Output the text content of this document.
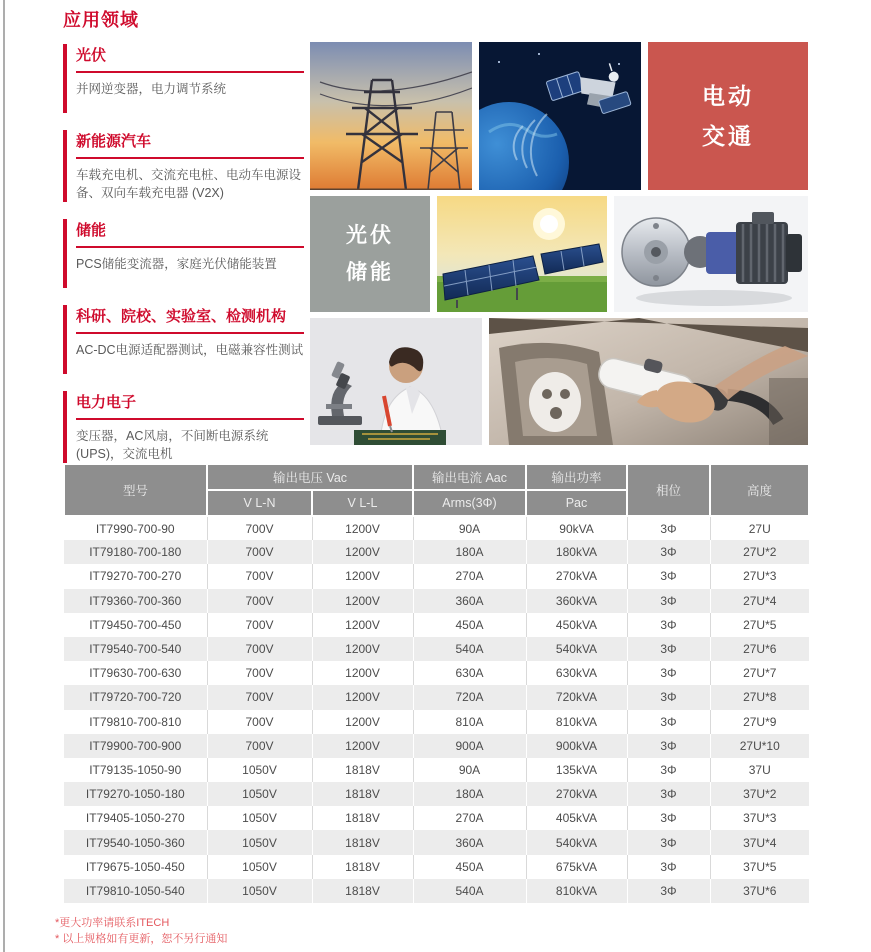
应用领域
光伏
并网逆变器，电力调节系统
新能源汽车
车载充电机、交流充电桩、电动车电源设备、双向车载充电器 (V2X)
储能
PCS储能变流器，家庭光伏储能装置
科研、院校、实验室、检测机构
AC-DC电源适配器测试，电磁兼容性测试
电力电子
变压器，AC风扇，不间断电源系统 (UPS)，交流电机
电动
交通
光伏
储能
型号	输出电压 Vac		输出电流 Aac	输出功率	相位	高度
	V L-N	V L-L	Arms(3Φ)	Pac		
IT7990-700-90	700V	1200V	90A	90kVA	3Φ	27U
IT79180-700-180	700V	1200V	180A	180kVA	3Φ	27U*2
IT79270-700-270	700V	1200V	270A	270kVA	3Φ	27U*3
IT79360-700-360	700V	1200V	360A	360kVA	3Φ	27U*4
IT79450-700-450	700V	1200V	450A	450kVA	3Φ	27U*5
IT79540-700-540	700V	1200V	540A	540kVA	3Φ	27U*6
IT79630-700-630	700V	1200V	630A	630kVA	3Φ	27U*7
IT79720-700-720	700V	1200V	720A	720kVA	3Φ	27U*8
IT79810-700-810	700V	1200V	810A	810kVA	3Φ	27U*9
IT79900-700-900	700V	1200V	900A	900kVA	3Φ	27U*10
IT79135-1050-90	1050V	1818V	90A	135kVA	3Φ	37U
IT79270-1050-180	1050V	1818V	180A	270kVA	3Φ	37U*2
IT79405-1050-270	1050V	1818V	270A	405kVA	3Φ	37U*3
IT79540-1050-360	1050V	1818V	360A	540kVA	3Φ	37U*4
IT79675-1050-450	1050V	1818V	450A	675kVA	3Φ	37U*5
IT79810-1050-540	1050V	1818V	540A	810kVA	3Φ	37U*6
*更大功率请联系ITECH
* 以上规格如有更新，恕不另行通知
